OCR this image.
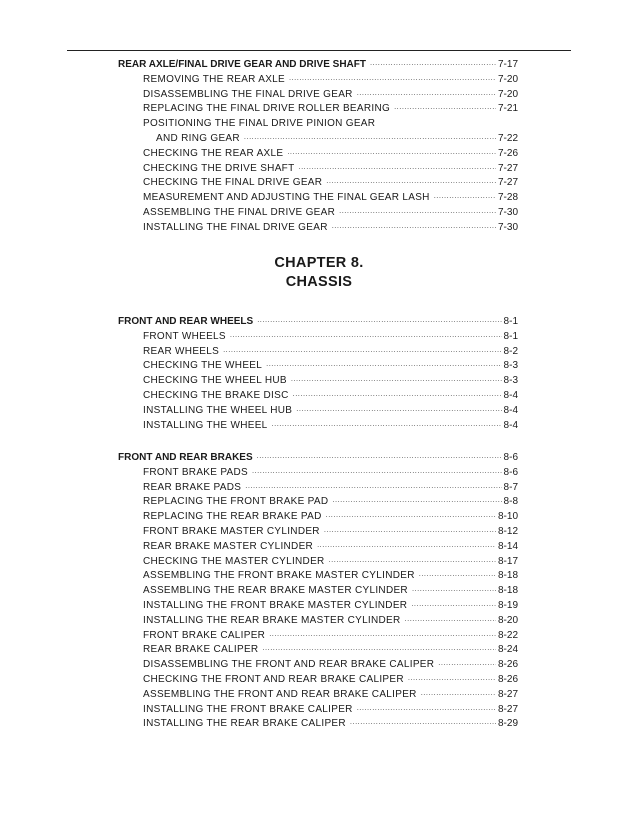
REAR AXLE/FINAL DRIVE GEAR AND DRIVE SHAFT .....	7-17
REMOVING THE REAR AXLE .....	7-20
DISASSEMBLING THE FINAL DRIVE GEAR .....	7-20
REPLACING THE FINAL DRIVE ROLLER BEARING .....	7-21
POSITIONING THE FINAL DRIVE PINION GEAR
AND RING GEAR .....	7-22
CHECKING THE REAR AXLE .....	7-26
CHECKING THE DRIVE SHAFT .....	7-27
CHECKING THE FINAL DRIVE GEAR .....	7-27
MEASUREMENT AND ADJUSTING THE FINAL GEAR LASH .....	7-28
ASSEMBLING THE FINAL DRIVE GEAR .....	7-30
INSTALLING THE FINAL DRIVE GEAR .....	7-30
CHAPTER 8.
CHASSIS
FRONT AND REAR WHEELS .....	8-1
FRONT WHEELS .....	8-1
REAR WHEELS .....	8-2
CHECKING THE WHEEL .....	8-3
CHECKING THE WHEEL HUB .....	8-3
CHECKING THE BRAKE DISC .....	8-4
INSTALLING THE WHEEL HUB .....	8-4
INSTALLING THE WHEEL .....	8-4
FRONT AND REAR BRAKES .....	8-6
FRONT BRAKE PADS .....	8-6
REAR BRAKE PADS .....	8-7
REPLACING THE FRONT BRAKE PAD .....	8-8
REPLACING THE REAR BRAKE PAD .....	8-10
FRONT BRAKE MASTER CYLINDER .....	8-12
REAR BRAKE MASTER CYLINDER .....	8-14
CHECKING THE MASTER CYLINDER .....	8-17
ASSEMBLING THE FRONT BRAKE MASTER CYLINDER .....	8-18
ASSEMBLING THE REAR BRAKE MASTER CYLINDER .....	8-18
INSTALLING THE FRONT BRAKE MASTER CYLINDER .....	8-19
INSTALLING THE REAR BRAKE MASTER CYLINDER .....	8-20
FRONT BRAKE CALIPER .....	8-22
REAR BRAKE CALIPER .....	8-24
DISASSEMBLING THE FRONT AND REAR BRAKE CALIPER .....	8-26
CHECKING THE FRONT AND REAR BRAKE CALIPER .....	8-26
ASSEMBLING THE FRONT AND REAR BRAKE CALIPER .....	8-27
INSTALLING THE FRONT BRAKE CALIPER .....	8-27
INSTALLING THE REAR BRAKE CALIPER .....	8-29
